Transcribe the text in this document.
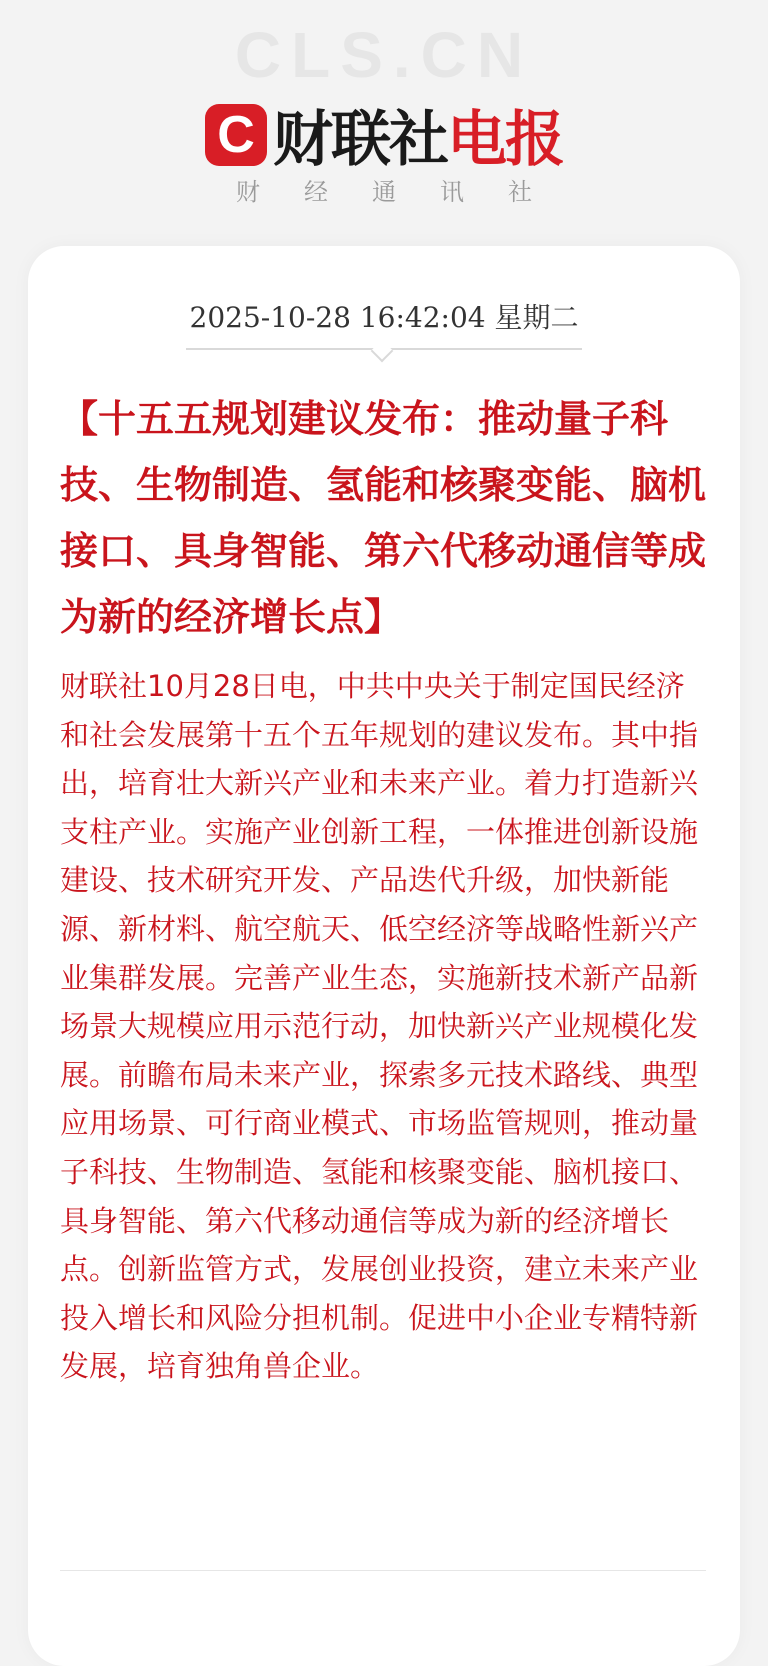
CLS.CN
C 财联社 电报
财经通讯社
2025-10-28 16:42:04 星期二
【十五五规划建议发布：推动量子科技、生物制造、氢能和核聚变能、脑机接口、具身智能、第六代移动通信等成为新的经济增长点】

财联社10月28日电，中共中央关于制定国民经济和社会发展第十五个五年规划的建议发布。其中指出，培育壮大新兴产业和未来产业。着力打造新兴支柱产业。实施产业创新工程，一体推进创新设施建设、技术研究开发、产品迭代升级，加快新能源、新材料、航空航天、低空经济等战略性新兴产业集群发展。完善产业生态，实施新技术新产品新场景大规模应用示范行动，加快新兴产业规模化发展。前瞻布局未来产业，探索多元技术路线、典型应用场景、可行商业模式、市场监管规则，推动量子科技、生物制造、氢能和核聚变能、脑机接口、具身智能、第六代移动通信等成为新的经济增长点。创新监管方式，发展创业投资，建立未来产业投入增长和风险分担机制。促进中小企业专精特新发展，培育独角兽企业。
